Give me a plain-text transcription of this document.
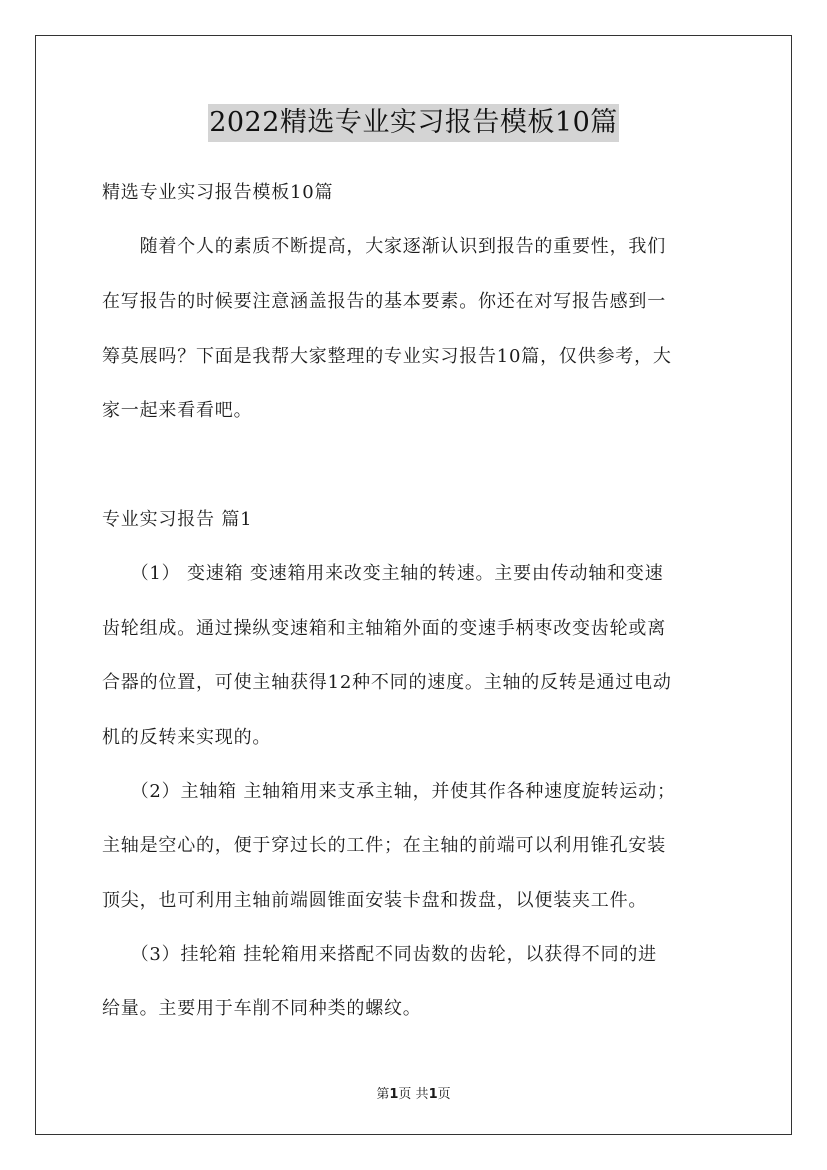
2022精选专业实习报告模板10篇
精选专业实习报告模板10篇
　　随着个人的素质不断提高，大家逐渐认识到报告的重要性，我们
在写报告的时候要注意涵盖报告的基本要素。你还在对写报告感到一
筹莫展吗？下面是我帮大家整理的专业实习报告10篇，仅供参考，大
家一起来看看吧。
专业实习报告 篇1
　　（1） 变速箱 变速箱用来改变主轴的转速。主要由传动轴和变速
齿轮组成。通过操纵变速箱和主轴箱外面的变速手柄枣改变齿轮或离
合器的位置，可使主轴获得12种不同的速度。主轴的反转是通过电动
机的反转来实现的。
　　（2）主轴箱 主轴箱用来支承主轴，并使其作各种速度旋转运动；
主轴是空心的，便于穿过长的工件；在主轴的前端可以利用锥孔安装
顶尖，也可利用主轴前端圆锥面安装卡盘和拨盘，以便装夹工件。
　　（3）挂轮箱 挂轮箱用来搭配不同齿数的齿轮，以获得不同的进
给量。主要用于车削不同种类的螺纹。
第1页 共1页
